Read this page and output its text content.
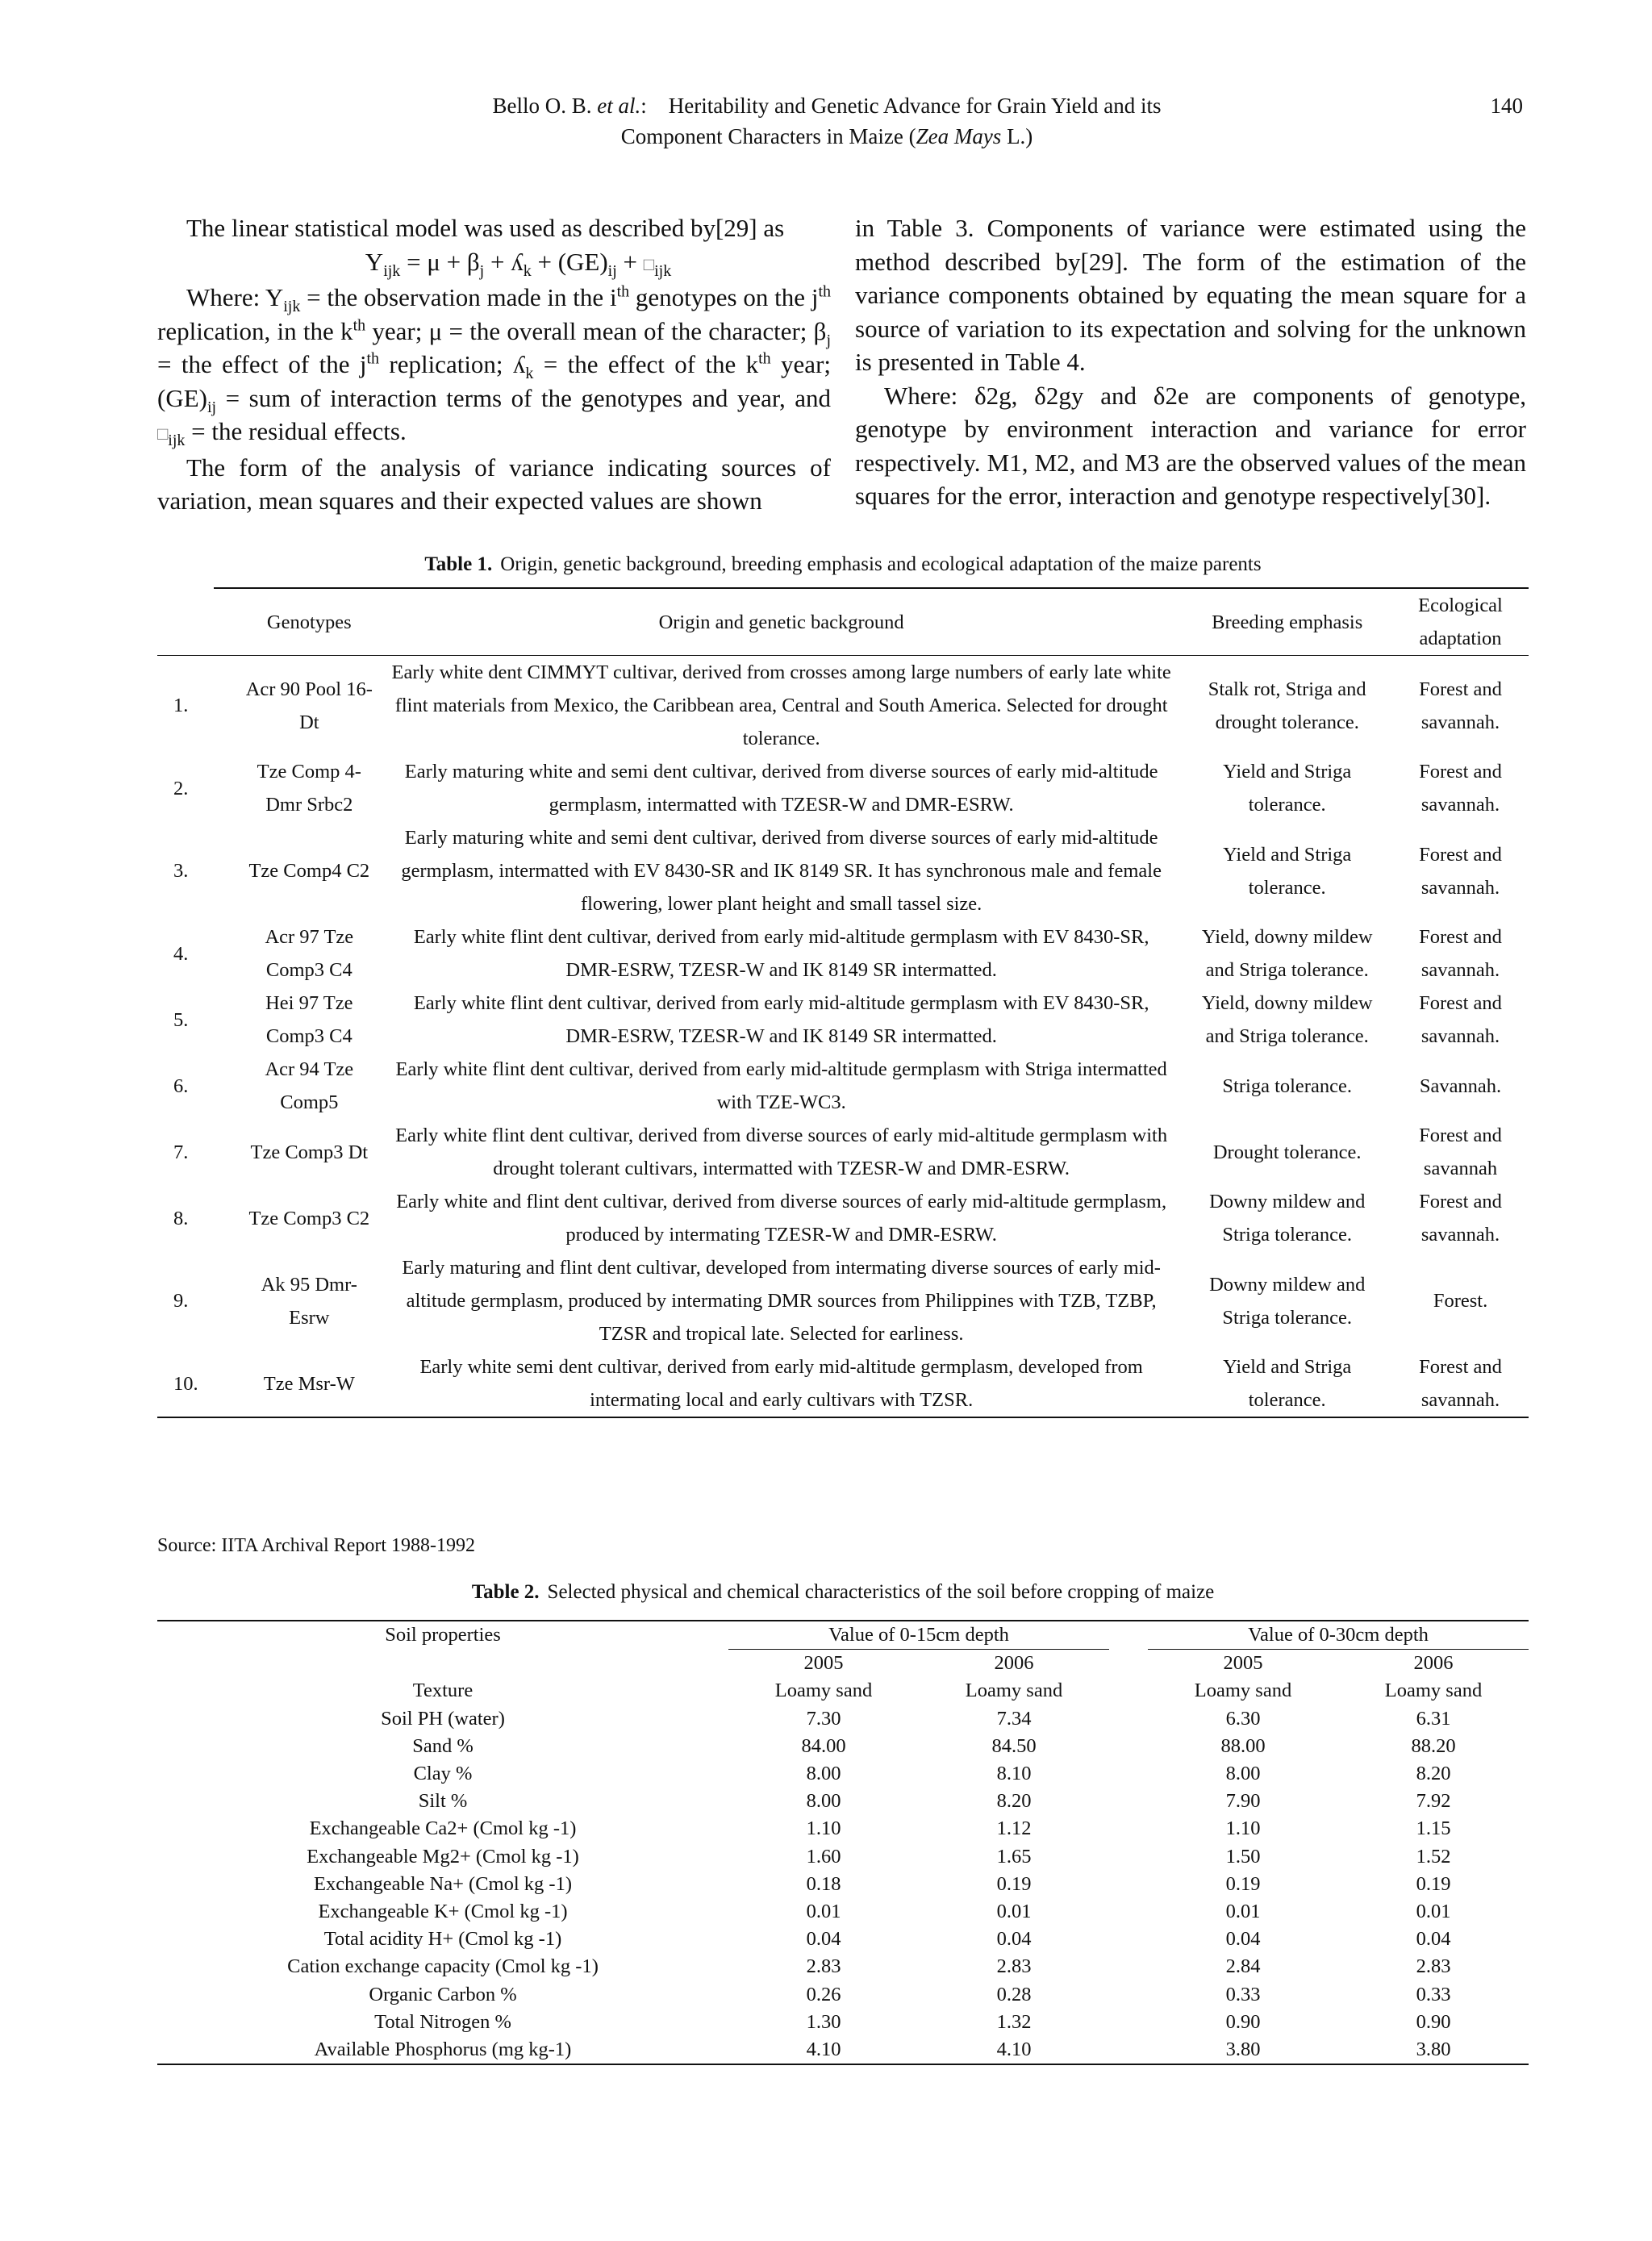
Bello O. B. et al.:    Heritability and Genetic Advance for Grain Yield and its
Component Characters in Maize (Zea Mays L.)
140

The linear statistical model was used as described by[29] as

$Y_{ijk} = \mu + \beta_j$ + ʎ$_k$ + $(GE)_{ij}$ + $□_{ijk}$

Where: $Y_{ijk}$ = the observation made in the $i^{th}$ genotypes on the $j^{th}$ replication, in the $k^{th}$ year; μ = the overall mean of the character; $\beta_j$ = the effect of the $j^{th}$ replication; ʎ$_k$ = the effect of the $k^{th}$ year; $(GE)_{ij}$ = sum of interaction terms of the genotypes and year, and $□_{ijk}$ = the residual effects.

The form of the analysis of variance indicating sources of variation, mean squares and their expected values are shown

in Table 3. Components of variance were estimated using the method described by[29]. The form of the estimation of the variance components obtained by equating the mean square for a source of variation to its expectation and solving for the unknown is presented in Table 4.

Where: δ2g, δ2gy and δ2e are components of genotype, genotype by environment interaction and variance for error respectively. M1, M2, and M3 are the observed values of the mean squares for the error, interaction and genotype respectively[30].

Table 1. Origin, genetic background, breeding emphasis and ecological adaptation of the maize parents
	Genotypes	Origin and genetic background	Breeding emphasis	Ecological adaptation
1.	Acr 90 Pool 16-Dt	Early white dent CIMMYT cultivar, derived from crosses among large numbers of early late white flint materials from Mexico, the Caribbean area, Central and South America. Selected for drought tolerance.	Stalk rot, Striga and drought tolerance.	Forest and savannah.
2.	Tze Comp 4-Dmr Srbc2	Early maturing white and semi dent cultivar, derived from diverse sources of early mid-altitude germplasm, intermatted with TZESR-W and DMR-ESRW.	Yield and Striga tolerance.	Forest and savannah.
3.	Tze Comp4 C2	Early maturing white and semi dent cultivar, derived from diverse sources of early mid-altitude germplasm, intermatted with EV 8430-SR and IK 8149 SR. It has synchronous male and female flowering, lower plant height and small tassel size.	Yield and Striga tolerance.	Forest and savannah.
4.	Acr 97 Tze Comp3 C4	Early white flint dent cultivar, derived from early mid-altitude germplasm with EV 8430-SR, DMR-ESRW, TZESR-W and IK 8149 SR intermatted.	Yield, downy mildew and Striga tolerance.	Forest and savannah.
5.	Hei 97 Tze Comp3 C4	Early white flint dent cultivar, derived from early mid-altitude germplasm with EV 8430-SR, DMR-ESRW, TZESR-W and IK 8149 SR intermatted.	Yield, downy mildew and Striga tolerance.	Forest and savannah.
6.	Acr 94 Tze Comp5	Early white flint dent cultivar, derived from early mid-altitude germplasm with Striga intermatted with TZE-WC3.	Striga tolerance.	Savannah.
7.	Tze Comp3 Dt	Early white flint dent cultivar, derived from diverse sources of early mid-altitude germplasm with drought tolerant cultivars, intermatted with TZESR-W and DMR-ESRW.	Drought tolerance.	Forest and savannah
8.	Tze Comp3 C2	Early white and flint dent cultivar, derived from diverse sources of early mid-altitude germplasm, produced by intermating TZESR-W and DMR-ESRW.	Downy mildew and Striga tolerance.	Forest and savannah.
9.	Ak 95 Dmr-Esrw	Early maturing and flint dent cultivar, developed from intermating diverse sources of early mid-altitude germplasm, produced by intermating DMR sources from Philippines with TZB, TZBP, TZSR and tropical late. Selected for earliness.	Downy mildew and Striga tolerance.	Forest.
10.	Tze Msr-W	Early white semi dent cultivar, derived from early mid-altitude germplasm, developed from intermating local and early cultivars with TZSR.	Yield and Striga tolerance.	Forest and savannah.
Source: IITA Archival Report 1988-1992
Table 2. Selected physical and chemical characteristics of the soil before cropping of maize
Soil properties	Value of 0-15cm depth			Value of 0-30cm depth	
	2005	2006		2005	2006
Texture	Loamy sand	Loamy sand		Loamy sand	Loamy sand
Soil PH (water)	7.30	7.34		6.30	6.31
Sand %	84.00	84.50		88.00	88.20
Clay %	8.00	8.10		8.00	8.20
Silt %	8.00	8.20		7.90	7.92
Exchangeable Ca2+ (Cmol kg -1)	1.10	1.12		1.10	1.15
Exchangeable Mg2+ (Cmol kg -1)	1.60	1.65		1.50	1.52
Exchangeable Na+ (Cmol kg -1)	0.18	0.19		0.19	0.19
Exchangeable K+ (Cmol kg -1)	0.01	0.01		0.01	0.01
Total acidity H+ (Cmol kg -1)	0.04	0.04		0.04	0.04
Cation exchange capacity (Cmol kg -1)	2.83	2.83		2.84	2.83
Organic Carbon %	0.26	0.28		0.33	0.33
Total Nitrogen %	1.30	1.32		0.90	0.90
Available Phosphorus (mg kg-1)	4.10	4.10		3.80	3.80
